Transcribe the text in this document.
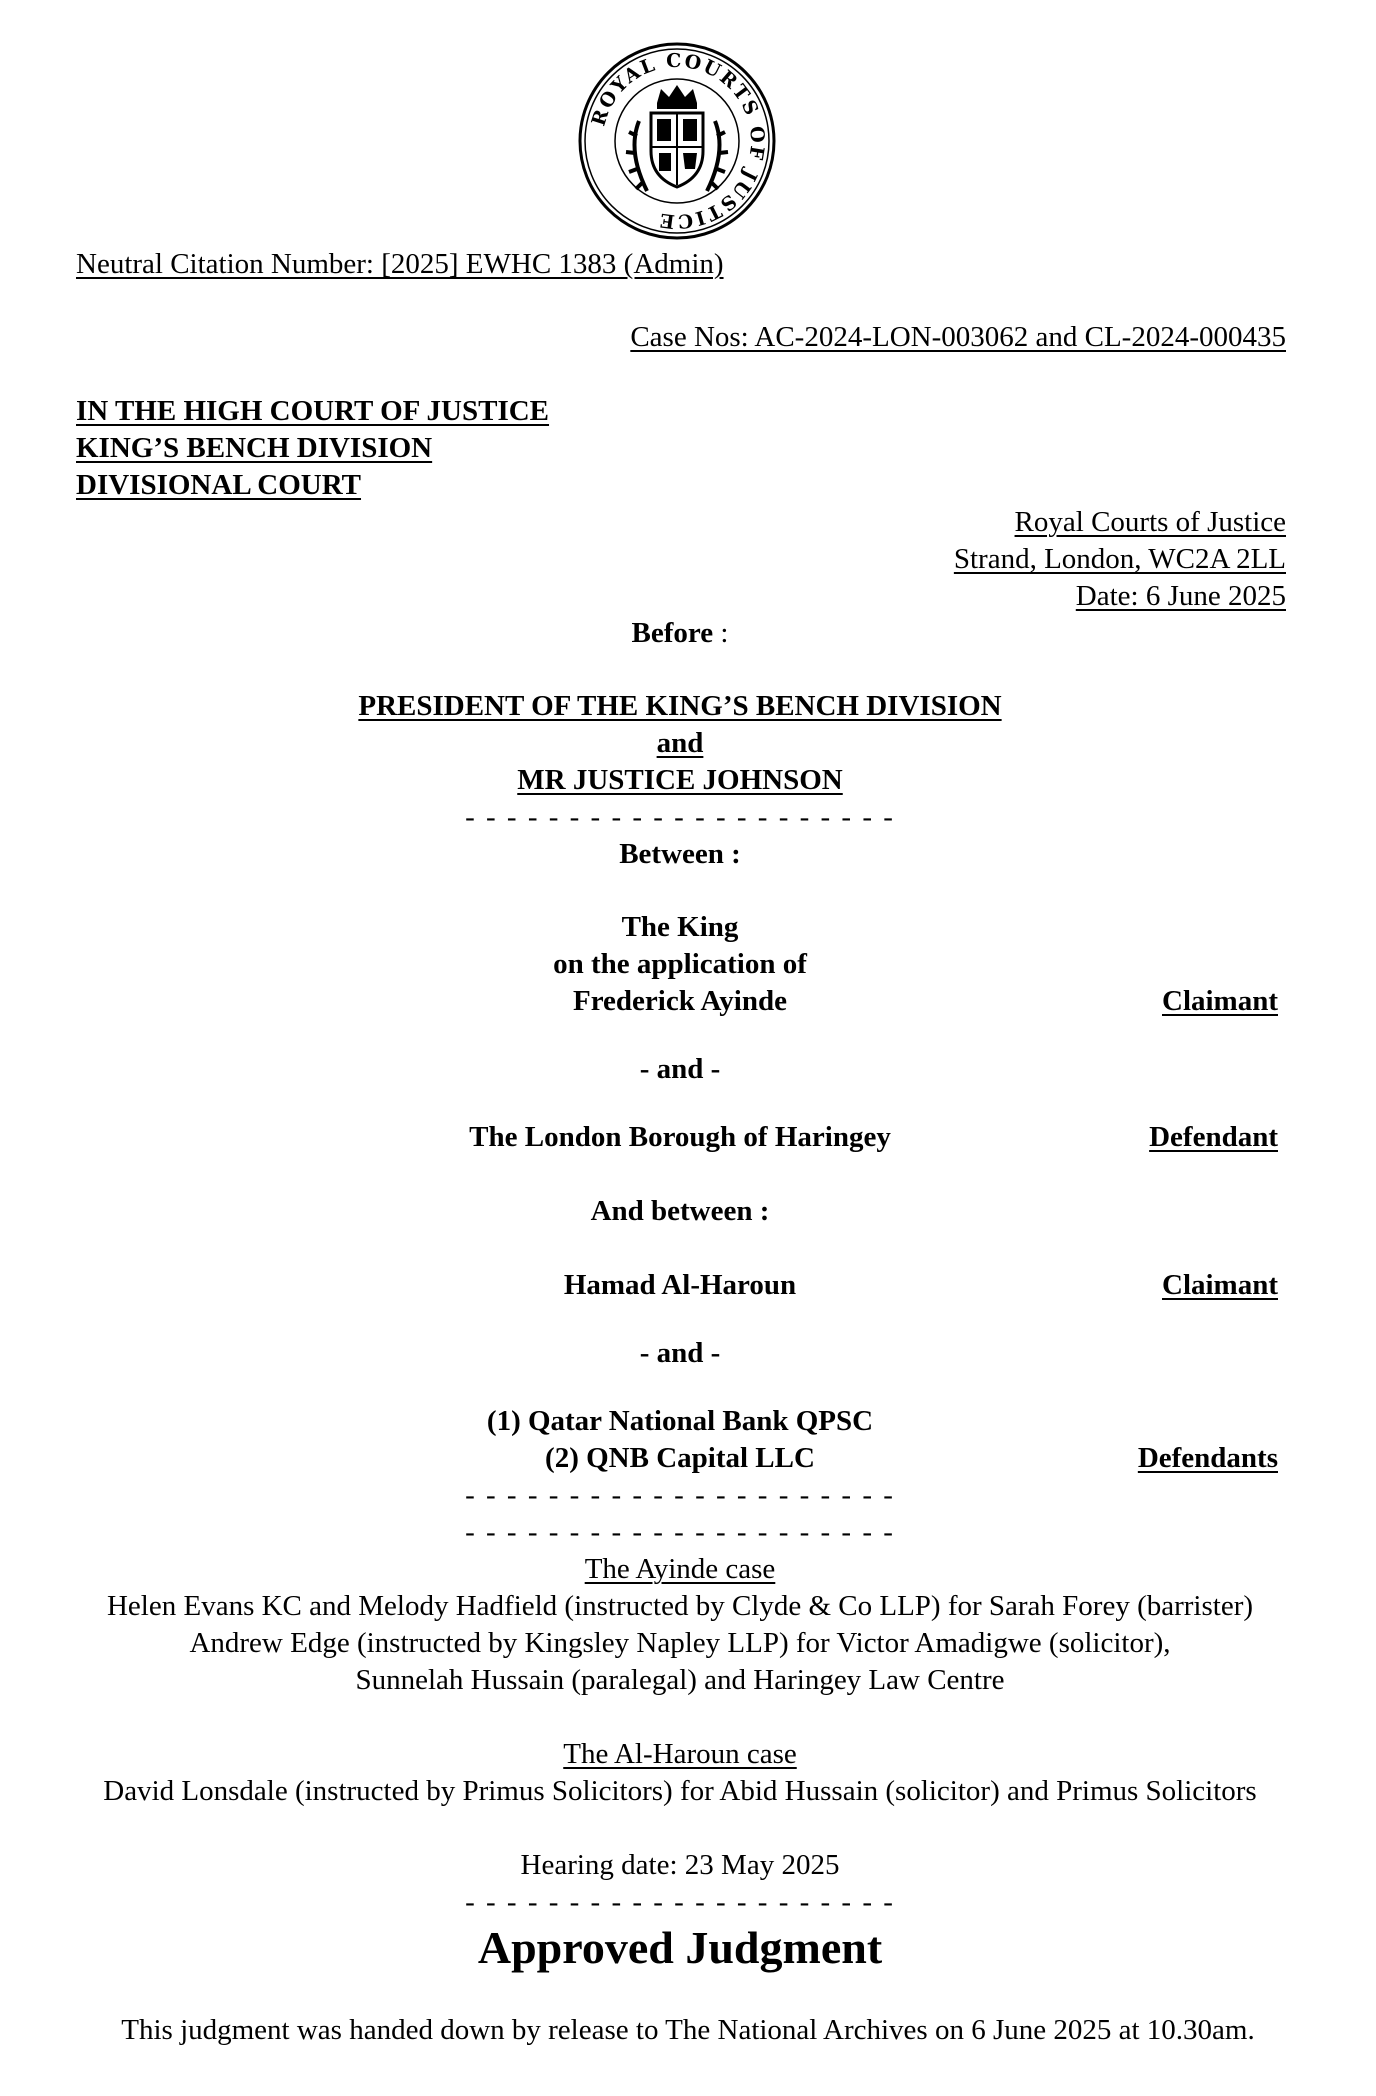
ROYAL COURTS OF JUSTICE
Neutral Citation Number: [2025] EWHC 1383 (Admin)
Case Nos: AC-2024-LON-003062 and CL-2024-000435
IN THE HIGH COURT OF JUSTICE
KING’S BENCH DIVISION
DIVISIONAL COURT
Royal Courts of Justice
Strand, London, WC2A 2LL
Date: 6 June 2025
Before :
PRESIDENT OF THE KING’S BENCH DIVISION
and
MR JUSTICE JOHNSON
- - - - - - - - - - - - - - - - - - - - -
Between :
The King
on the application of
Frederick Ayinde	Claimant
- and -
The London Borough of Haringey	Defendant
And between :
Hamad Al-Haroun	Claimant
- and -
(1) Qatar National Bank QPSC
(2) QNB Capital LLC	Defendants
- - - - - - - - - - - - - - - - - - - - -
- - - - - - - - - - - - - - - - - - - - -
The Ayinde case
Helen Evans KC and Melody Hadfield (instructed by Clyde & Co LLP) for Sarah Forey (barrister)
Andrew Edge (instructed by Kingsley Napley LLP) for Victor Amadigwe (solicitor),
Sunnelah Hussain (paralegal) and Haringey Law Centre
The Al-Haroun case
David Lonsdale (instructed by Primus Solicitors) for Abid Hussain (solicitor) and Primus Solicitors
Hearing date: 23 May 2025
- - - - - - - - - - - - - - - - - - - - -
Approved Judgment
This judgment was handed down by release to The National Archives on 6 June 2025 at 10.30am.
